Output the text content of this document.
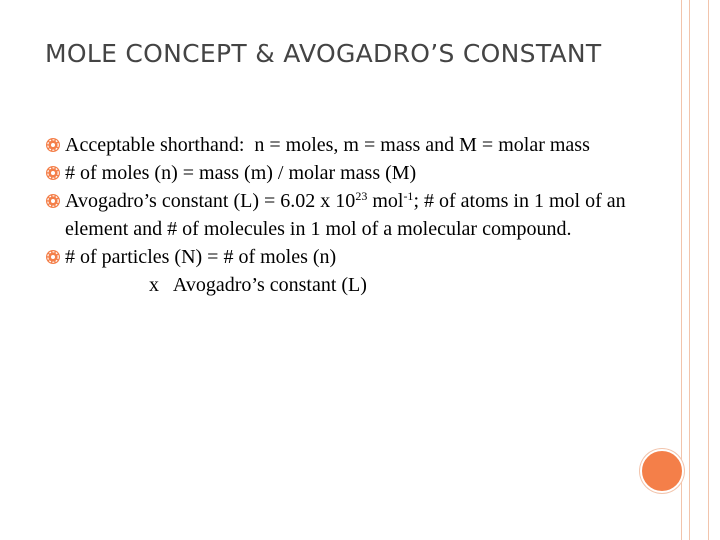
MOLE CONCEPT & AVOGADRO’S CONSTANT
Acceptable shorthand:  n = moles, m = mass and M = molar mass
# of moles (n) = mass (m) / molar mass (M)
Avogadro’s constant (L) = 6.02 x $10^{23}$ mol$^{-1}$; # of atoms in 1 mol of an element and # of molecules in 1 mol of a molecular compound.
# of particles (N) = # of moles (n)
x   Avogadro’s constant (L)
